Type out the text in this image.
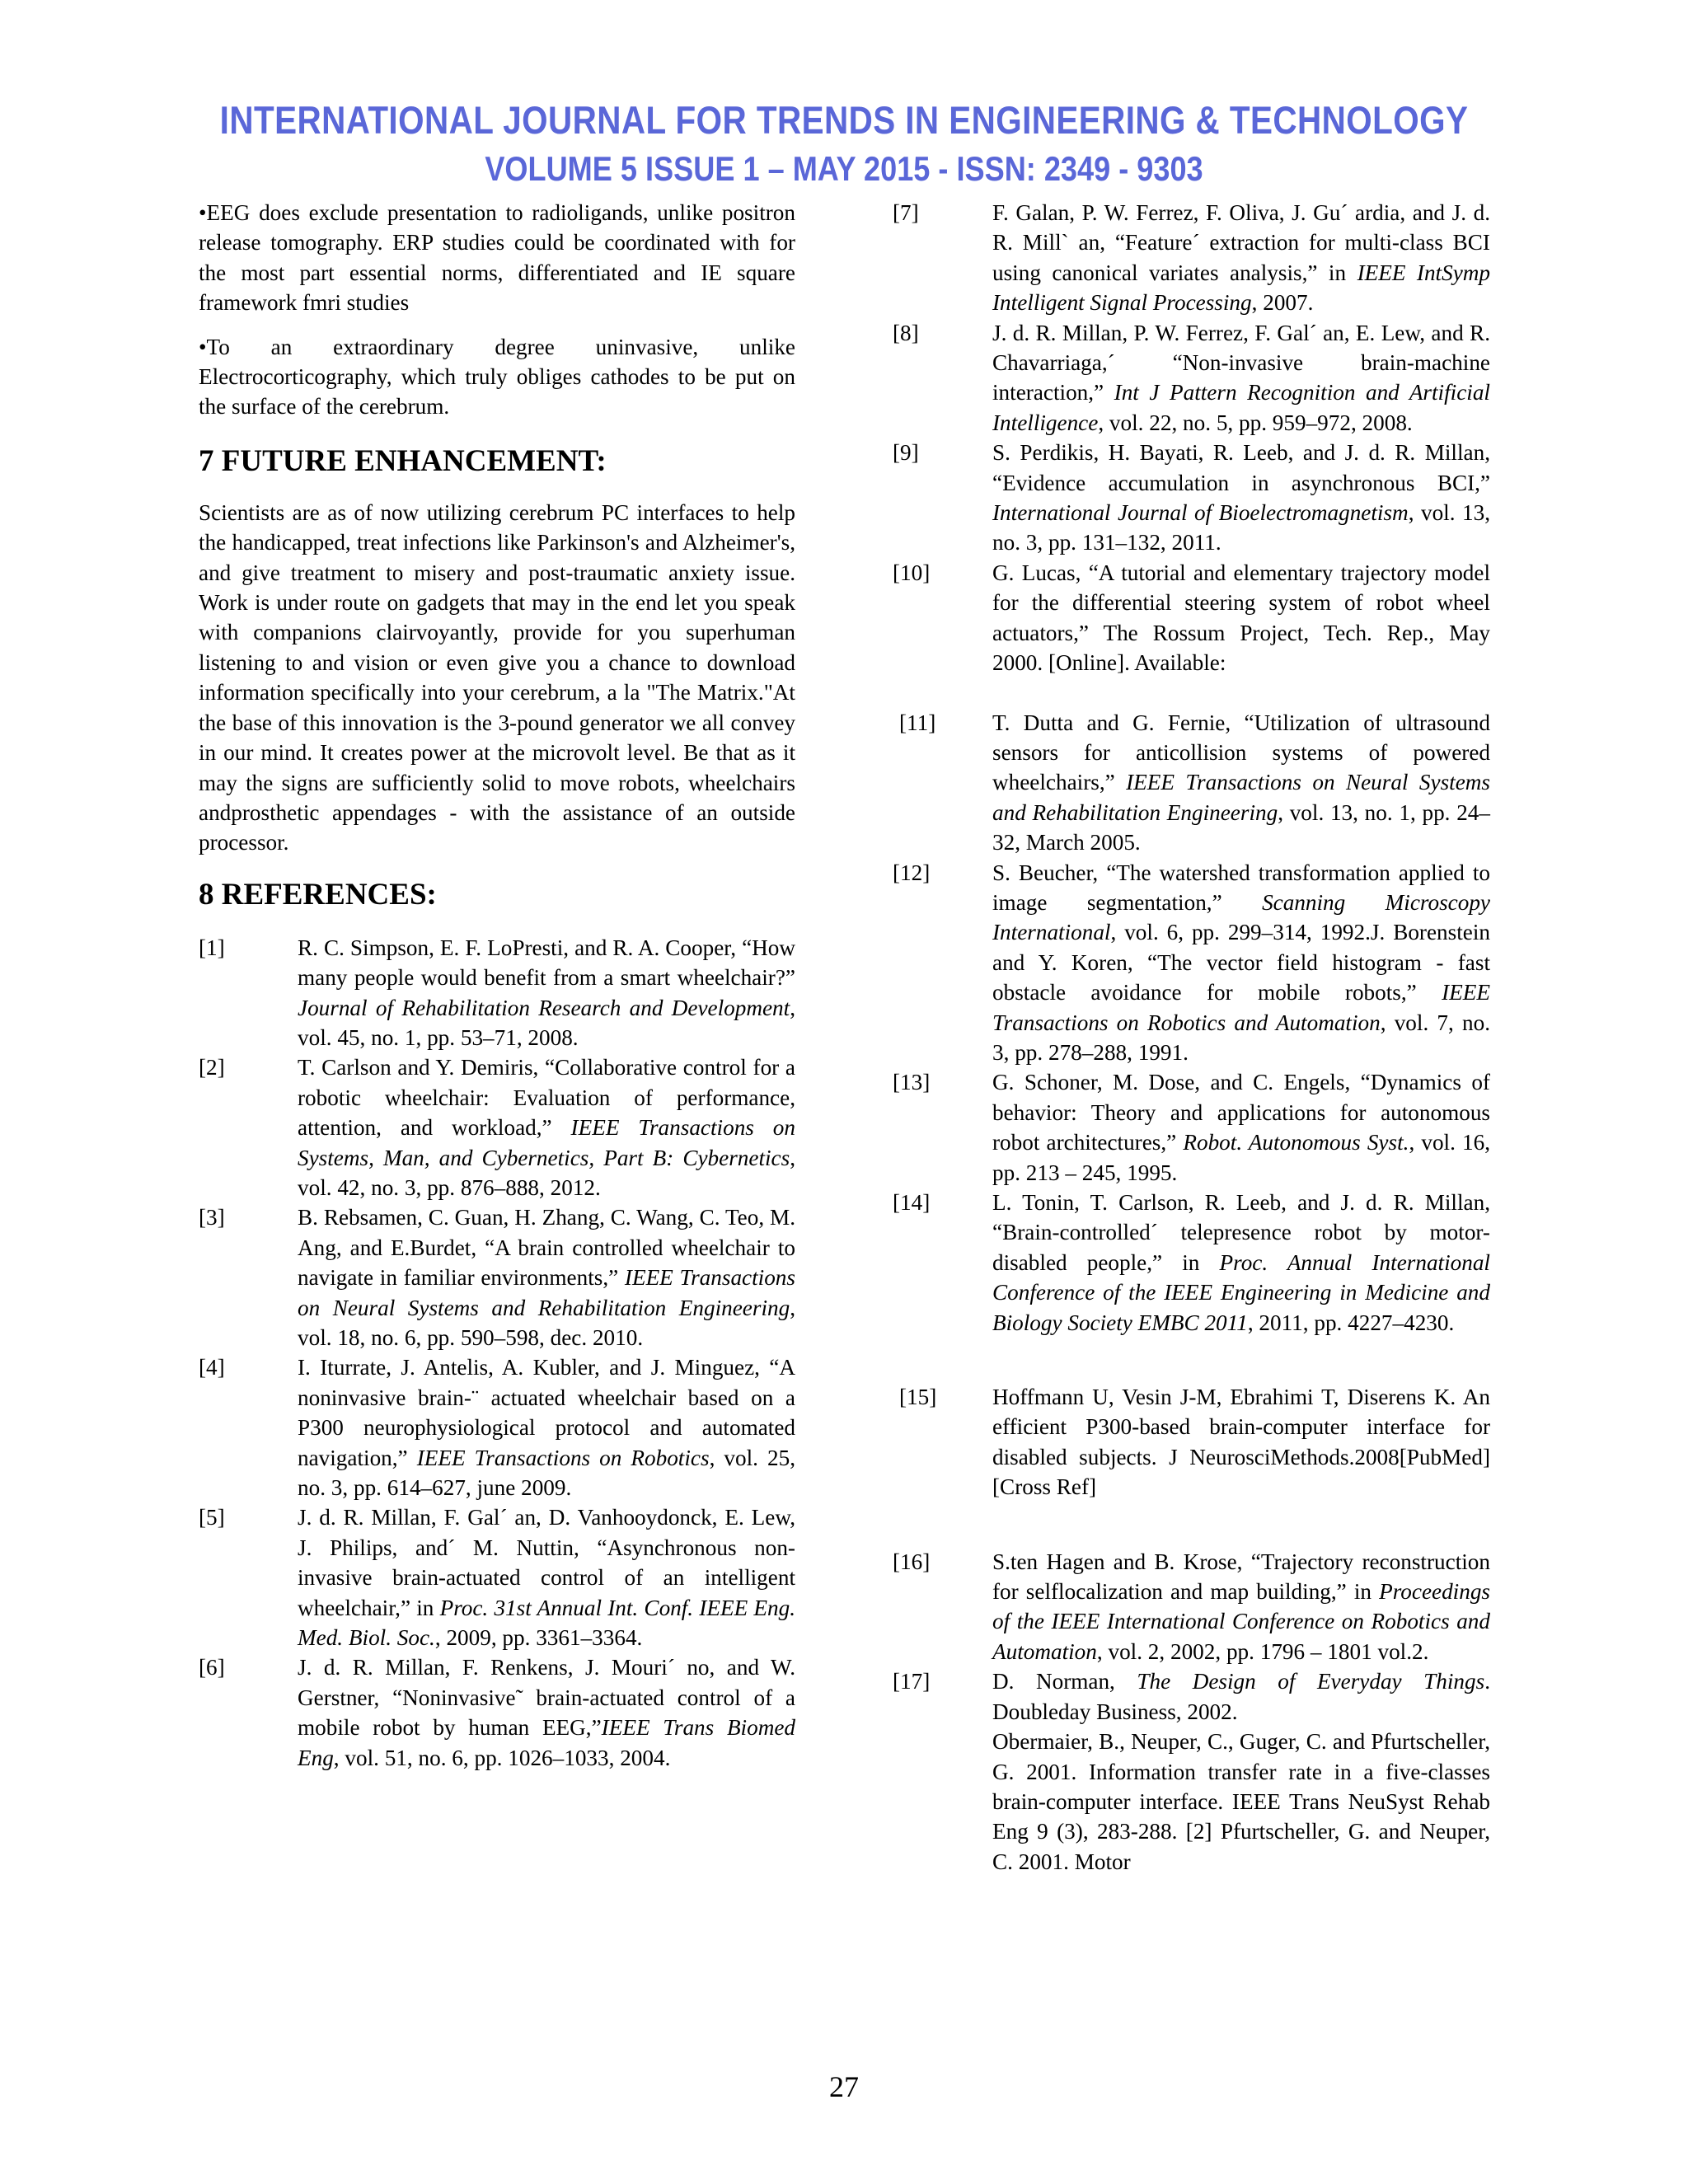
INTERNATIONAL JOURNAL FOR TRENDS IN ENGINEERING & TECHNOLOGY
VOLUME 5 ISSUE 1 – MAY 2015 - ISSN: 2349 - 9303

•EEG does exclude presentation to radioligands, unlike positron release tomography. ERP studies could be coordinated with for the most part essential norms, differentiated and IE square framework fmri studies

•To an extraordinary degree uninvasive, unlike Electrocorticography, which truly obliges cathodes to be put on the surface of the cerebrum.

7 FUTURE ENHANCEMENT:

Scientists are as of now utilizing cerebrum PC interfaces to help the handicapped, treat infections like Parkinson's and Alzheimer's, and give treatment to misery and post-traumatic anxiety issue. Work is under route on gadgets that may in the end let you speak with companions clairvoyantly, provide for you superhuman listening to and vision or even give you a chance to download information specifically into your cerebrum, a la "The Matrix."At the base of this innovation is the 3-pound generator we all convey in our mind. It creates power at the microvolt level. Be that as it may the signs are sufficiently solid to move robots, wheelchairs andprosthetic appendages - with the assistance of an outside processor.

8 REFERENCES:
[1]	R. C. Simpson, E. F. LoPresti, and R. A. Cooper, “How many people would benefit from a smart wheelchair?” Journal of Rehabilitation Research and Development, vol. 45, no. 1, pp. 53–71, 2008.
[2]	T. Carlson and Y. Demiris, “Collaborative control for a robotic wheelchair: Evaluation of performance, attention, and workload,” IEEE Transactions on Systems, Man, and Cybernetics, Part B: Cybernetics, vol. 42, no. 3, pp. 876–888, 2012.
[3]	B. Rebsamen, C. Guan, H. Zhang, C. Wang, C. Teo, M. Ang, and E.Burdet, “A brain controlled wheelchair to navigate in familiar environments,” IEEE Transactions on Neural Systems and Rehabilitation Engineering, vol. 18, no. 6, pp. 590–598, dec. 2010.
[4]	I. Iturrate, J. Antelis, A. Kubler, and J. Minguez, “A noninvasive brain-¨ actuated wheelchair based on a P300 neurophysiological protocol and automated navigation,” IEEE Transactions on Robotics, vol. 25, no. 3, pp. 614–627, june 2009.
[5]	J. d. R. Millan, F. Gal´ an, D. Vanhooydonck, E. Lew, J. Philips, and´ M. Nuttin, “Asynchronous non-invasive brain-actuated control of an intelligent wheelchair,” in Proc. 31st Annual Int. Conf. IEEE Eng. Med. Biol. Soc., 2009, pp. 3361–3364.
[6]	J. d. R. Millan, F. Renkens, J. Mouri´ no, and W. Gerstner, “Noninvasive˜ brain-actuated control of a mobile robot by human EEG,”IEEE Trans Biomed Eng, vol. 51, no. 6, pp. 1026–1033, 2004.
[7]	F. Galan, P. W. Ferrez, F. Oliva, J. Gu´ ardia, and J. d. R. Mill` an, “Feature´ extraction for multi-class BCI using canonical variates analysis,” in IEEE IntSymp Intelligent Signal Processing, 2007.
[8]	J. d. R. Millan, P. W. Ferrez, F. Gal´ an, E. Lew, and R. Chavarriaga,´ “Non-invasive brain-machine interaction,” Int J Pattern Recognition and Artificial Intelligence, vol. 22, no. 5, pp. 959–972, 2008.
[9]	S. Perdikis, H. Bayati, R. Leeb, and J. d. R. Millan, “Evidence accumulation in asynchronous BCI,” International Journal of Bioelectromagnetism, vol. 13, no. 3, pp. 131–132, 2011.
[10]	G. Lucas, “A tutorial and elementary trajectory model for the differential steering system of robot wheel actuators,” The Rossum Project, Tech. Rep., May 2000. [Online]. Available:
[11]	T. Dutta and G. Fernie, “Utilization of ultrasound sensors for anticollision systems of powered wheelchairs,” IEEE Transactions on Neural Systems and Rehabilitation Engineering, vol. 13, no. 1, pp. 24–32, March 2005.
[12]	S. Beucher, “The watershed transformation applied to image segmentation,” Scanning Microscopy International, vol. 6, pp. 299–314, 1992.J. Borenstein and Y. Koren, “The vector field histogram - fast obstacle avoidance for mobile robots,” IEEE Transactions on Robotics and Automation, vol. 7, no. 3, pp. 278–288, 1991.
[13]	G. Schoner, M. Dose, and C. Engels, “Dynamics of behavior: Theory and applications for autonomous robot architectures,” Robot. Autonomous Syst., vol. 16, pp. 213 – 245, 1995.
[14]	L. Tonin, T. Carlson, R. Leeb, and J. d. R. Millan, “Brain-controlled´ telepresence robot by motor-disabled people,” in Proc. Annual International Conference of the IEEE Engineering in Medicine and Biology Society EMBC 2011, 2011, pp. 4227–4230.
[15]	Hoffmann U, Vesin J-M, Ebrahimi T, Diserens K. An efficient P300-based brain-computer interface for disabled subjects. J NeurosciMethods.2008[PubMed] [Cross Ref]
[16]	S.ten Hagen and B. Krose, “Trajectory reconstruction for selflocalization and map building,” in Proceedings of the IEEE International Conference on Robotics and Automation, vol. 2, 2002, pp. 1796 – 1801 vol.2.
[17]	D. Norman, The Design of Everyday Things. Doubleday Business, 2002.

Obermaier, B., Neuper, C., Guger, C. and Pfurtscheller, G. 2001. Information transfer rate in a five-classes brain-computer interface. IEEE Trans NeuSyst Rehab Eng 9 (3), 283-288. [2] Pfurtscheller, G. and Neuper, C. 2001. Motor

27
